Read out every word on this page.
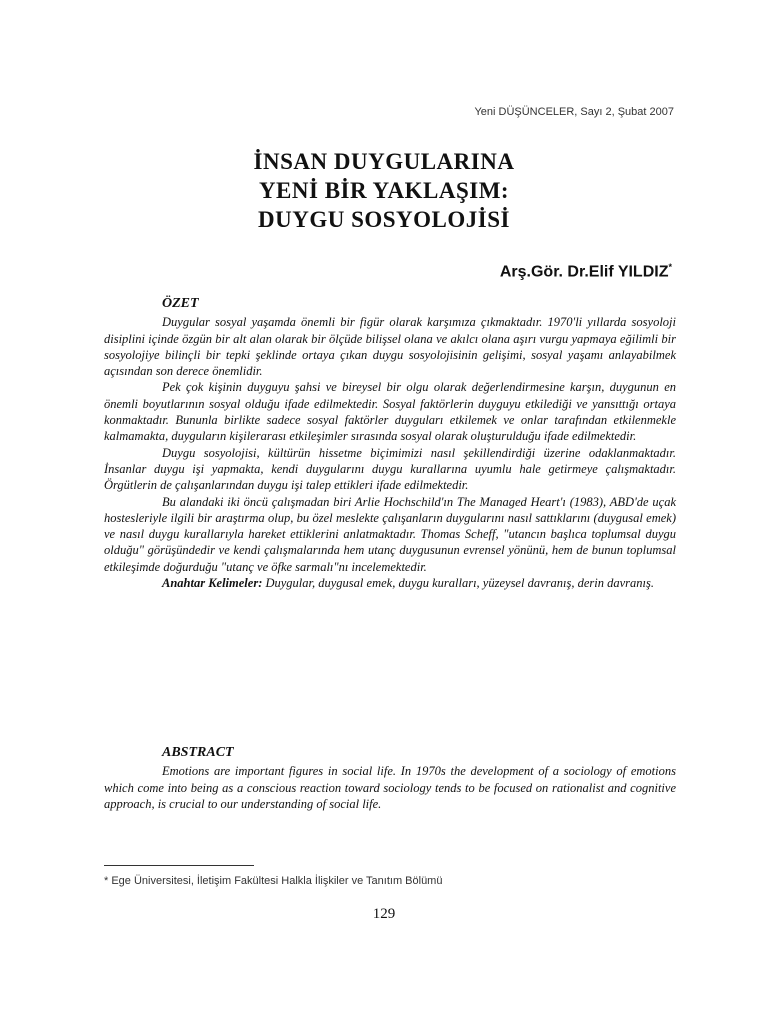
Yeni DÜŞÜNCELER, Sayı 2, Şubat 2007
İNSAN DUYGULARINA
YENİ BİR YAKLAŞIM:
DUYGU SOSYOLOJİSİ
Arş.Gör. Dr.Elif YILDIZ*
ÖZET

Duygular sosyal yaşamda önemli bir figür olarak karşımıza çıkmaktadır. 1970'li yıllarda sosyoloji disiplini içinde özgün bir alt alan olarak bir ölçüde bilişsel olana ve akılcı olana aşırı vurgu yapmaya eğilimli bir sosyolojiye bilinçli bir tepki şeklinde ortaya çıkan duygu sosyolojisinin gelişimi, sosyal yaşamı anlayabilmek açısından son derece önemlidir.

Pek çok kişinin duyguyu şahsi ve bireysel bir olgu olarak değerlendirmesine karşın, duygunun en önemli boyutlarının sosyal olduğu ifade edilmektedir. Sosyal faktörlerin duyguyu etkilediği ve yansıttığı ortaya konmaktadır. Bununla birlikte sadece sosyal faktörler duyguları etkilemek ve onlar tarafından etkilenmekle kalmamakta, duyguların kişilerarası etkileşimler sırasında sosyal olarak oluşturulduğu ifade edilmektedir.

Duygu sosyolojisi, kültürün hissetme biçimimizi nasıl şekillendirdiği üzerine odaklanmaktadır. İnsanlar duygu işi yapmakta, kendi duygularını duygu kurallarına uyumlu hale getirmeye çalışmaktadır. Örgütlerin de çalışanlarından duygu işi talep ettikleri ifade edilmektedir.

Bu alandaki iki öncü çalışmadan biri Arlie Hochschild'ın The Managed Heart'ı (1983), ABD'de uçak hostesleriyle ilgili bir araştırma olup, bu özel meslekte çalışanların duygularını nasıl sattıklarını (duygusal emek) ve nasıl duygu kurallarıyla hareket ettiklerini anlatmaktadır. Thomas Scheff, "utancın başlıca toplumsal duygu olduğu" görüşündedir ve kendi çalışmalarında hem utanç duygusunun evrensel yönünü, hem de bunun toplumsal etkileşimde doğurduğu "utanç ve öfke sarmalı"nı incelemektedir.

Anahtar Kelimeler: Duygular, duygusal emek, duygu kuralları, yüzeysel davranış, derin davranış.

ABSTRACT

Emotions are important figures in social life. In 1970s the development of a sociology of emotions which come into being as a conscious reaction toward sociology tends to be focused on rationalist and cognitive approach, is crucial to our understanding of social life.

* Ege Üniversitesi, İletişim Fakültesi Halkla İlişkiler ve Tanıtım Bölümü
129
